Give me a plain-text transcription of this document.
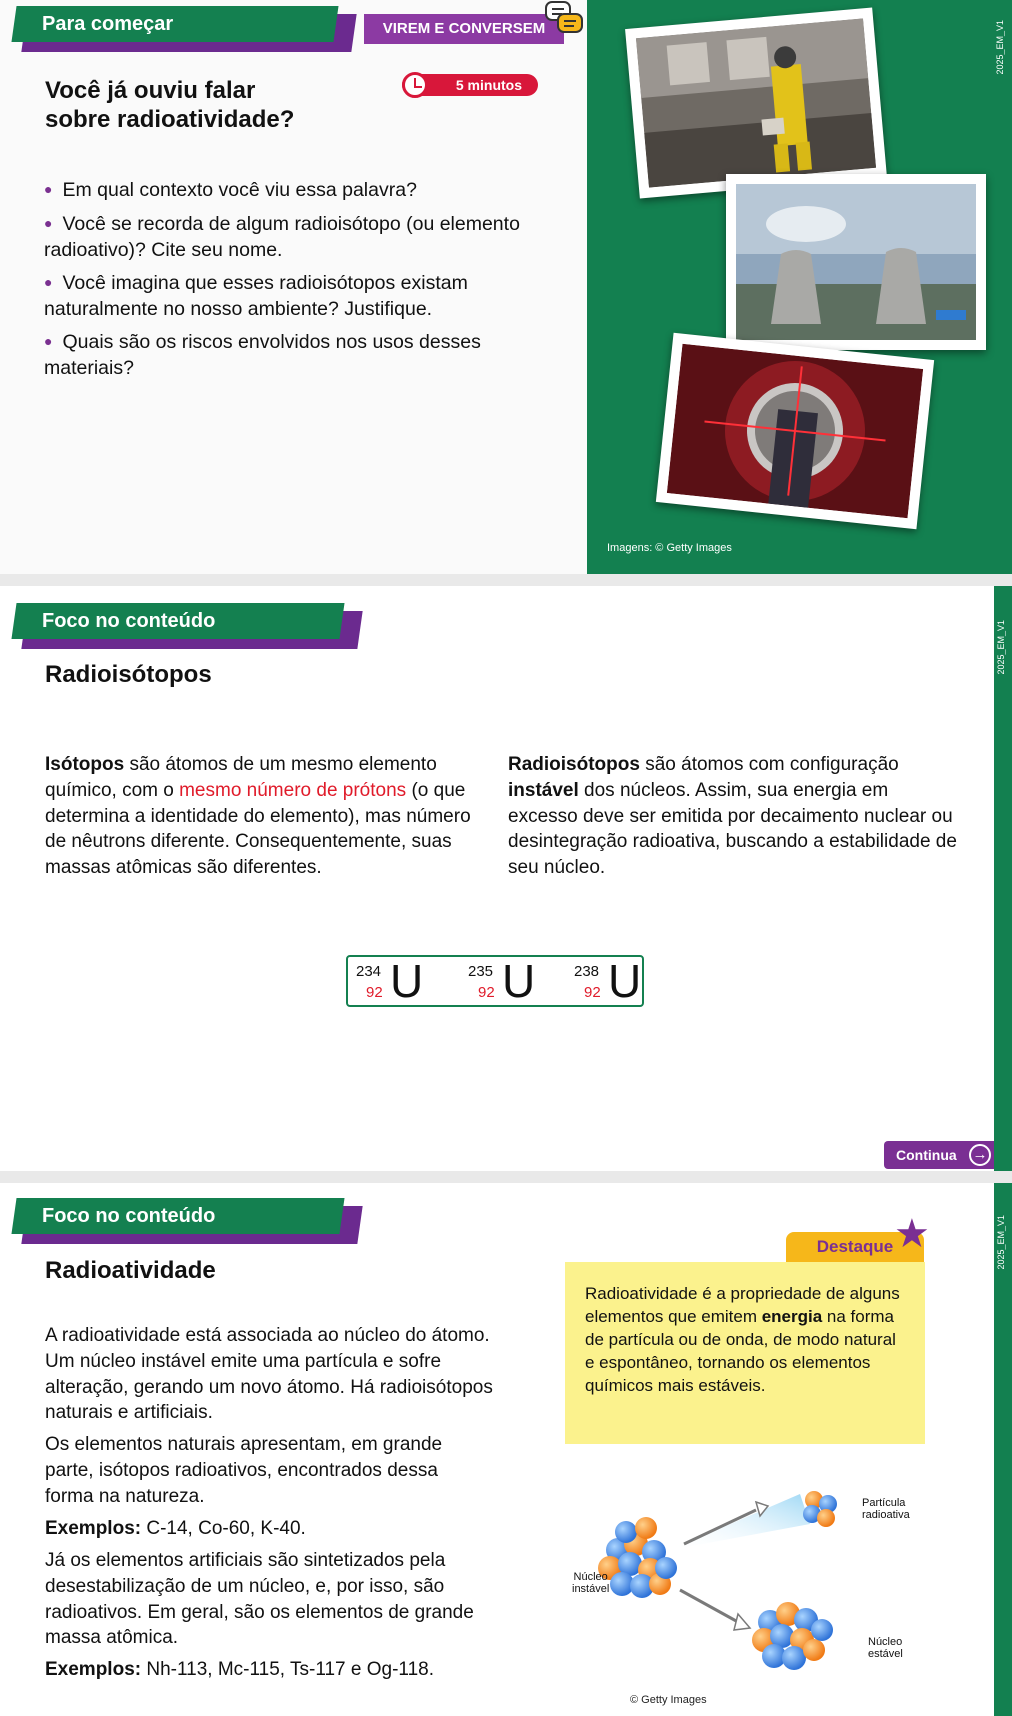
Para começar	VIREM E CONVERSEM
5 minutos
Você já ouviu falar
sobre radioatividade?
● Em qual contexto você viu essa palavra?
● Você se recorda de algum radioisótopo (ou elemento radioativo)? Cite seu nome.
● Você imagina que esses radioisótopos existam naturalmente no nosso ambiente? Justifique.
● Quais são os riscos envolvidos nos usos desses materiais?
2025_EM_V1
Imagens: © Getty Images
2025_EM_V1
Foco no conteúdo
Radioisótopos
Isótopos são átomos de um mesmo elemento químico, com o mesmo número de prótons (o que determina a identidade do elemento), mas número de nêutrons diferente. Consequentemente, suas massas atômicas são diferentes.
Radioisótopos são átomos com configuração instável dos núcleos. Assim, sua energia em excesso deve ser emitida por decaimento nuclear ou desintegração radioativa, buscando a estabilidade de seu núcleo.
234
92 U	235
92 U	238
92 U
Continua →
2025_EM_V1
Foco no conteúdo
Radioatividade
A radioatividade está associada ao núcleo do átomo. Um núcleo instável emite uma partícula e sofre alteração, gerando um novo átomo. Há radioisótopos naturais e artificiais.
Os elementos naturais apresentam, em grande parte, isótopos radioativos, encontrados dessa forma na natureza.
Exemplos: C-14, Co-60, K-40.
Já os elementos artificiais são sintetizados pela desestabilização de um núcleo, e, por isso, são radioativos. Em geral, são os elementos de grande massa atômica.
Exemplos: Nh-113, Mc-115, Ts-117 e Og-118.
Destaque ★
Radioatividade é a propriedade de alguns elementos que emitem energia na forma de partícula ou de onda, de modo natural e espontâneo, tornando os elementos químicos mais estáveis.
Núcleo
instável
Partícula
radioativa
Núcleo
estável
© Getty Images
